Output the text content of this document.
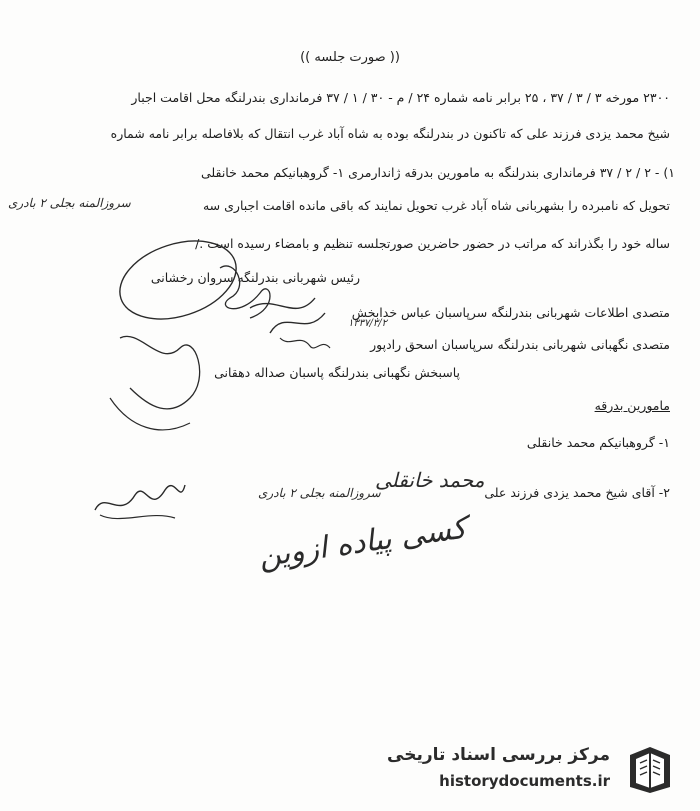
(( صورت جلسه ))
۲۳۰۰ مورخه ۳ / ۳ / ۳۷ ، ۲۵ برابر نامه شماره ۲۴ / م - ۳۰ / ۱ / ۳۷ فرمانداری بندرلنگه محل اقامت اجبار
شیخ محمد یزدی فرزند علی که تاکنون در بندرلنگه بوده به شاه آباد غرب انتقال که بلافاصله برابر نامه شماره
۱) - ۲ / ۲ / ۳۷ فرمانداری بندرلنگه به مامورین بدرقه ژاندارمری ۱- گروهبانیکم محمد خانقلی
سروزالمنه بجلی ۲ بادری	تحویل که نامبرده را بشهربانی شاه آباد غرب تحویل نمایند که باقی مانده اقامت اجباری سه
ساله خود را بگذراند که مراتب در حضور حاضرین صورتجلسه تنظیم و بامضاء رسیده است ./
رئیس شهربانی بندرلنگه سروان رخشانی
متصدی اطلاعات شهربانی بندرلنگه سرپاسبان عباس خدابخش
متصدی نگهبانی شهربانی بندرلنگه سرپاسبان اسحق رادپور
پاسبخش نگهبانی بندرلنگه پاسبان صداله دهقانی
مامورین بدرقه
۱- گروهبانیکم محمد خانقلی
۲- آقای شیخ محمد یزدی فرزند علی
محمد خانقلی
سروزالمنه بجلی ۲ بادری
کسی پیاده ازوین
۱۳۳۷/۳/۲
مرکز بررسی اسناد تاریخی
historydocuments.ir
